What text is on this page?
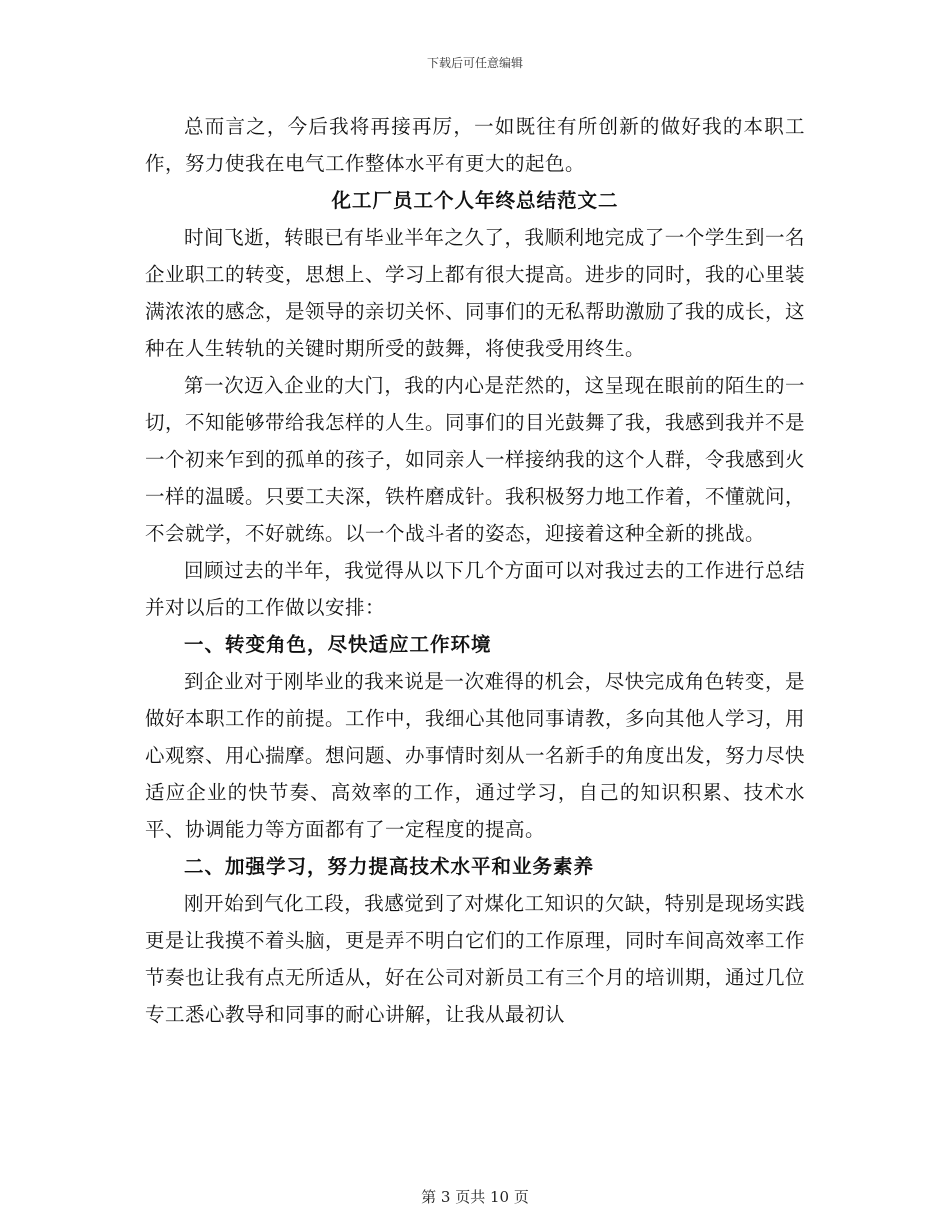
下载后可任意编辑

总而言之，今后我将再接再厉，一如既往有所创新的做好我的本职工作，努力使我在电气工作整体水平有更大的起色。

化工厂员工个人年终总结范文二

时间飞逝，转眼已有毕业半年之久了，我顺利地完成了一个学生到一名企业职工的转变，思想上、学习上都有很大提高。进步的同时，我的心里装满浓浓的感念，是领导的亲切关怀、同事们的无私帮助激励了我的成长，这种在人生转轨的关键时期所受的鼓舞，将使我受用终生。

第一次迈入企业的大门，我的内心是茫然的，这呈现在眼前的陌生的一切，不知能够带给我怎样的人生。同事们的目光鼓舞了我，我感到我并不是一个初来乍到的孤单的孩子，如同亲人一样接纳我的这个人群，令我感到火一样的温暖。只要工夫深，铁杵磨成针。我积极努力地工作着，不懂就问，不会就学，不好就练。以一个战斗者的姿态，迎接着这种全新的挑战。

回顾过去的半年，我觉得从以下几个方面可以对我过去的工作进行总结并对以后的工作做以安排：

一、转变角色，尽快适应工作环境

到企业对于刚毕业的我来说是一次难得的机会，尽快完成角色转变，是做好本职工作的前提。工作中，我细心其他同事请教，多向其他人学习，用心观察、用心揣摩。想问题、办事情时刻从一名新手的角度出发，努力尽快适应企业的快节奏、高效率的工作，通过学习，自己的知识积累、技术水平、协调能力等方面都有了一定程度的提高。

二、加强学习，努力提高技术水平和业务素养

刚开始到气化工段，我感觉到了对煤化工知识的欠缺，特别是现场实践更是让我摸不着头脑，更是弄不明白它们的工作原理，同时车间高效率工作节奏也让我有点无所适从，好在公司对新员工有三个月的培训期，通过几位专工悉心教导和同事的耐心讲解，让我从最初认

第 3 页共 10 页
